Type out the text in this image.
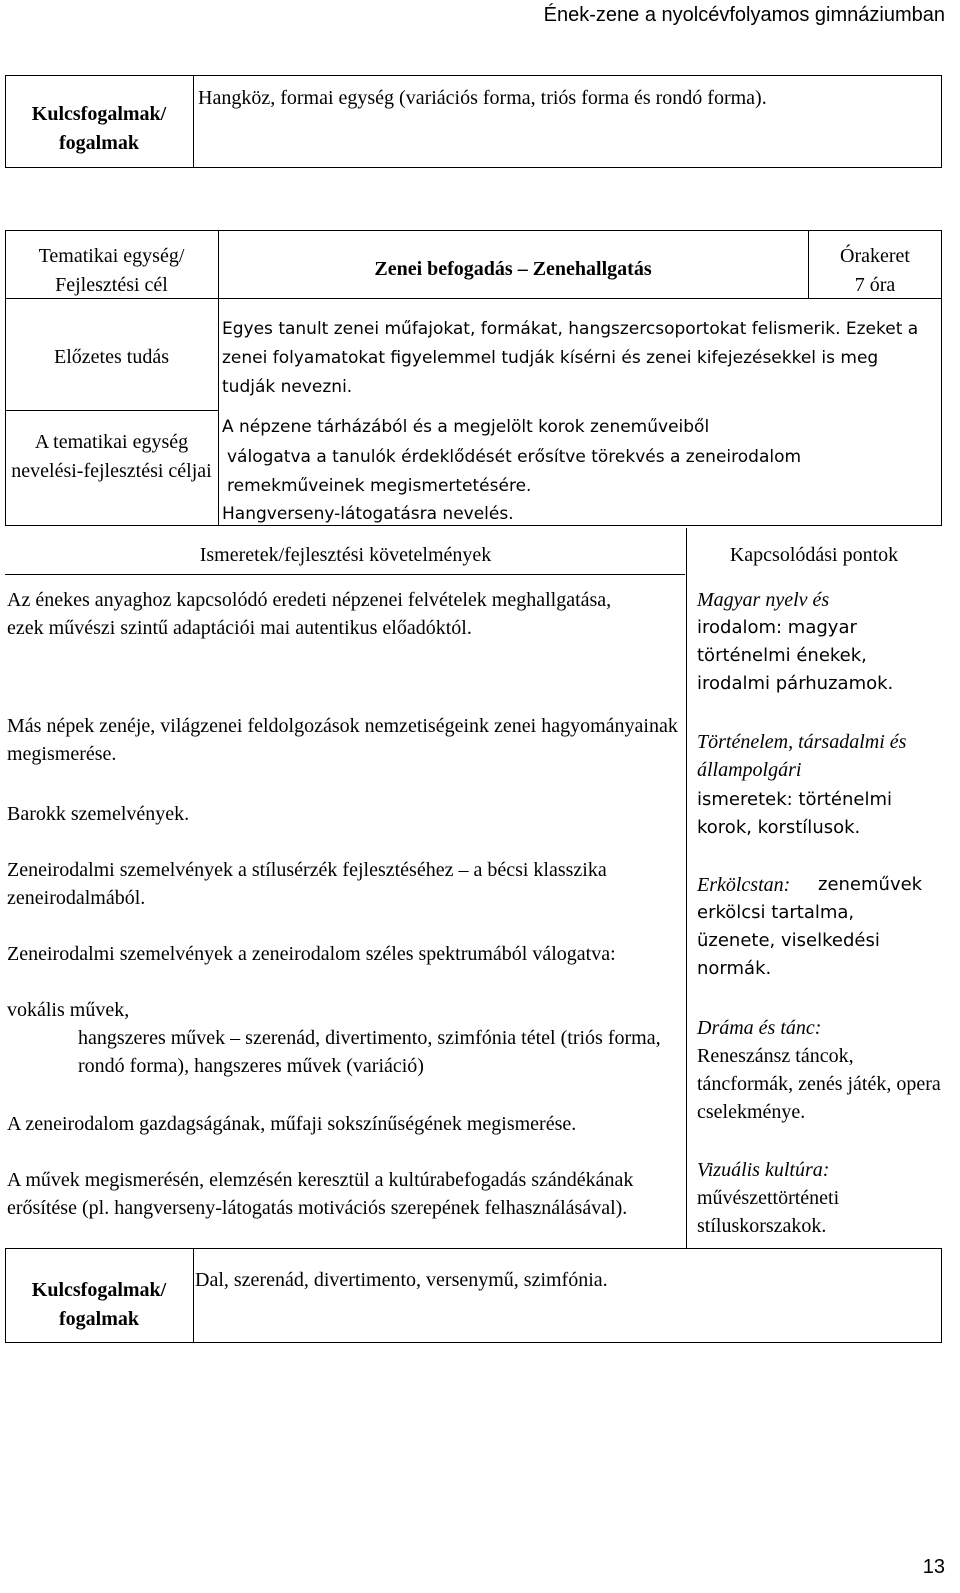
Ének-zene a nyolcévfolyamos gimnáziumban
Kulcsfogalmak/ fogalmak
Hangköz, formai egység (variációs forma, triós forma és rondó forma).
Tematikai egység/ Fejlesztési cél
Zenei befogadás – Zenehallgatás
Órakeret
7 óra
Előzetes tudás
Egyes tanult zenei műfajokat, formákat, hangszercsoportokat felismerik. Ezeket a zenei folyamatokat figyelemmel tudják kísérni és zenei kifejezésekkel is meg tudják nevezni.
A tematikai egység nevelési-fejlesztési céljai
A népzene tárházából és a megjelölt korok zeneműveiből
válogatva a tanulók érdeklődését erősítve törekvés a zeneirodalom
remekműveinek megismertetésére.
Hangverseny-látogatásra nevelés.
Ismeretek/fejlesztési követelmények	Kapcsolódási pontok
Az énekes anyaghoz kapcsolódó eredeti népzenei felvételek meghallgatása, ezek művészi szintű adaptációi mai autentikus előadóktól.
Más népek zenéje, világzenei feldolgozások nemzetiségeink zenei hagyományainak megismerése.
Barokk szemelvények.
Zeneirodalmi szemelvények a stílusérzék fejlesztéséhez – a bécsi klasszika zeneirodalmából.
Zeneirodalmi szemelvények a zeneirodalom széles spektrumából válogatva:
vokális művek,
hangszeres művek – szerenád, divertimento, szimfónia tétel (triós forma, rondó forma), hangszeres művek (variáció)
A zeneirodalom gazdagságának, műfaji sokszínűségének megismerése.
A művek megismerésén, elemzésén keresztül a kultúrabefogadás szándékának erősítése (pl. hangverseny-látogatás motivációs szerepének felhasználásával).
Magyar nyelv és
irodalom: magyar történelmi énekek, irodalmi párhuzamok.
Történelem, társadalmi és állampolgári
ismeretek: történelmi korok, korstílusok.
Erkölcstan: zeneművek
erkölcsi tartalma, üzenete, viselkedési normák.
Dráma és tánc:
Reneszánsz táncok, táncformák, zenés játék, opera cselekménye.
Vizuális kultúra:
művészettörténeti stíluskorszakok.
Kulcsfogalmak/ fogalmak
Dal, szerenád, divertimento, versenymű, szimfónia.
13
